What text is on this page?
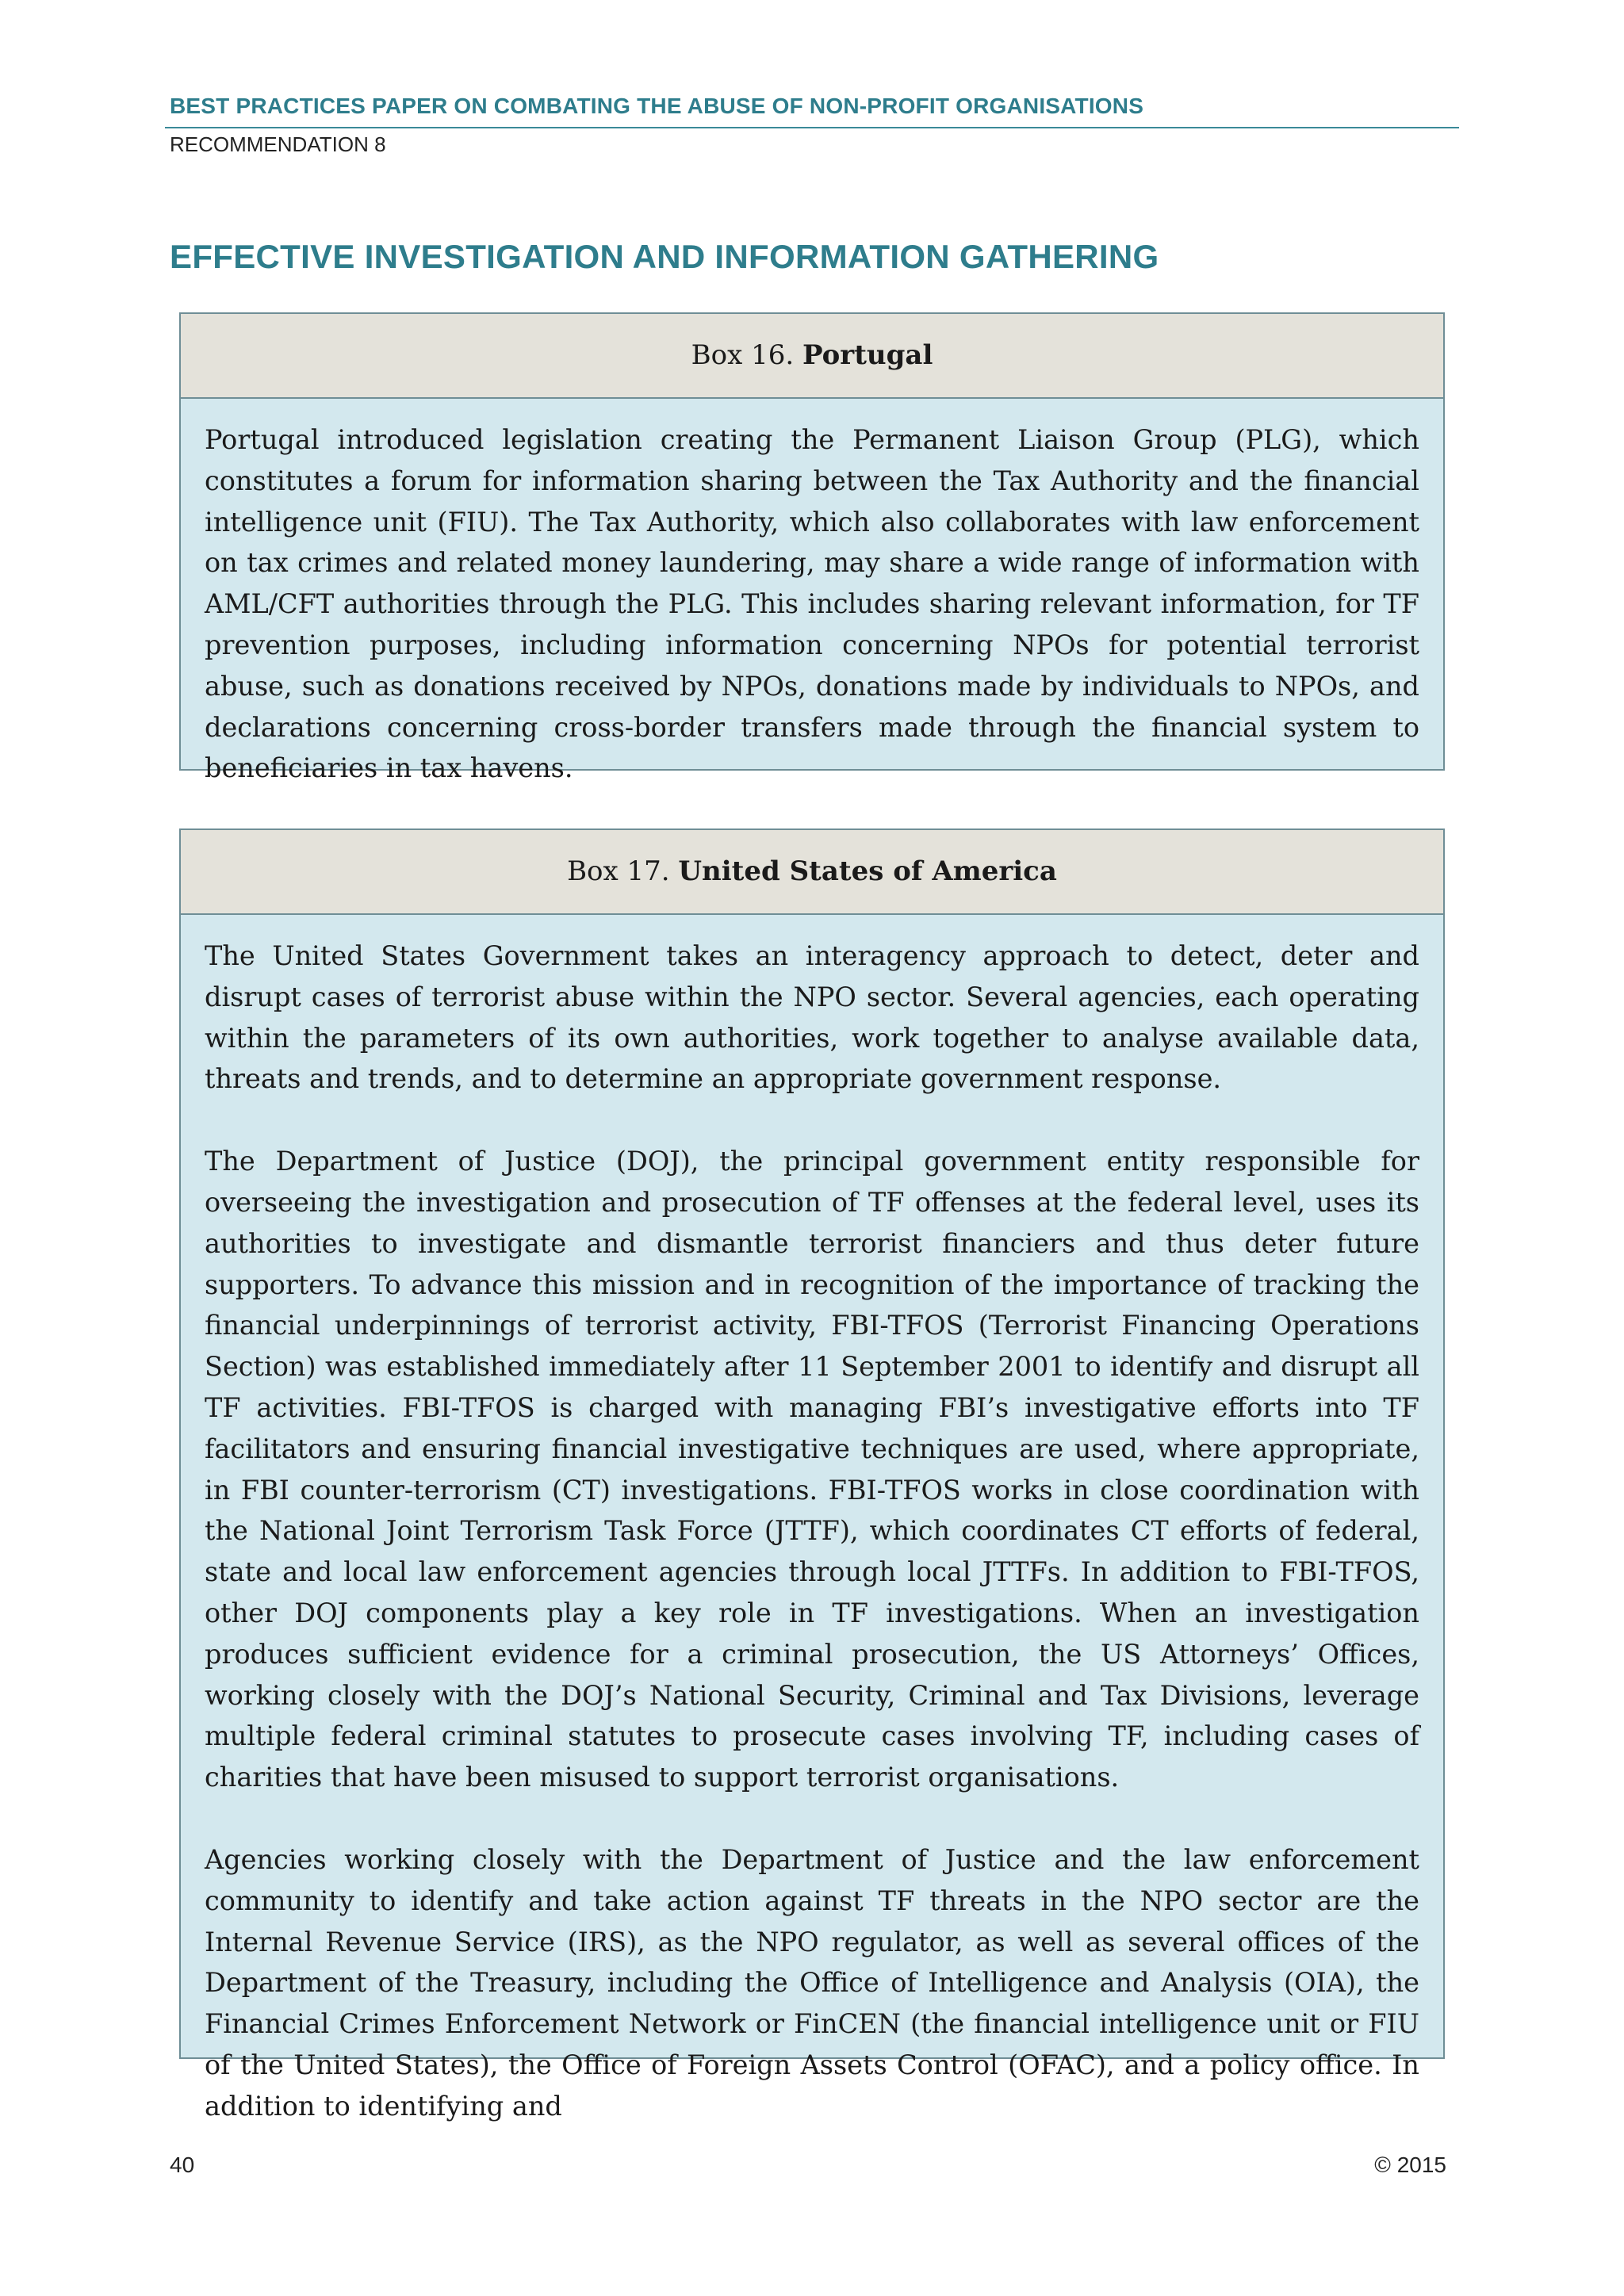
BEST PRACTICES PAPER ON COMBATING THE ABUSE OF NON-PROFIT ORGANISATIONS
RECOMMENDATION 8
EFFECTIVE INVESTIGATION AND INFORMATION GATHERING
Box 16. Portugal

Portugal introduced legislation creating the Permanent Liaison Group (PLG), which constitutes a forum for information sharing between the Tax Authority and the financial intelligence unit (FIU). The Tax Authority, which also collaborates with law enforcement on tax crimes and related money laundering, may share a wide range of information with AML/CFT authorities through the PLG. This includes sharing relevant information, for TF prevention purposes, including information concerning NPOs for potential terrorist abuse, such as donations received by NPOs, donations made by individuals to NPOs, and declarations concerning cross-border transfers made through the financial system to beneficiaries in tax havens.

Box 17. United States of America

The United States Government takes an interagency approach to detect, deter and disrupt cases of terrorist abuse within the NPO sector. Several agencies, each operating within the parameters of its own authorities, work together to analyse available data, threats and trends, and to determine an appropriate government response.

The Department of Justice (DOJ), the principal government entity responsible for overseeing the investigation and prosecution of TF offenses at the federal level, uses its authorities to investigate and dismantle terrorist financiers and thus deter future supporters. To advance this mission and in recognition of the importance of tracking the financial underpinnings of terrorist activity, FBI-TFOS (Terrorist Financing Operations Section) was established immediately after 11 September 2001 to identify and disrupt all TF activities. FBI-TFOS is charged with managing FBI’s investigative efforts into TF facilitators and ensuring financial investigative techniques are used, where appropriate, in FBI counter-terrorism (CT) investigations. FBI-TFOS works in close coordination with the National Joint Terrorism Task Force (JTTF), which coordinates CT efforts of federal, state and local law enforcement agencies through local JTTFs. In addition to FBI-TFOS, other DOJ components play a key role in TF investigations. When an investigation produces sufficient evidence for a criminal prosecution, the US Attorneys’ Offices, working closely with the DOJ’s National Security, Criminal and Tax Divisions, leverage multiple federal criminal statutes to prosecute cases involving TF, including cases of charities that have been misused to support terrorist organisations.

Agencies working closely with the Department of Justice and the law enforcement community to identify and take action against TF threats in the NPO sector are the Internal Revenue Service (IRS), as the NPO regulator, as well as several offices of the Department of the Treasury, including the Office of Intelligence and Analysis (OIA), the Financial Crimes Enforcement Network or FinCEN (the financial intelligence unit or FIU of the United States), the Office of Foreign Assets Control (OFAC), and a policy office. In addition to identifying and

40	© 2015
